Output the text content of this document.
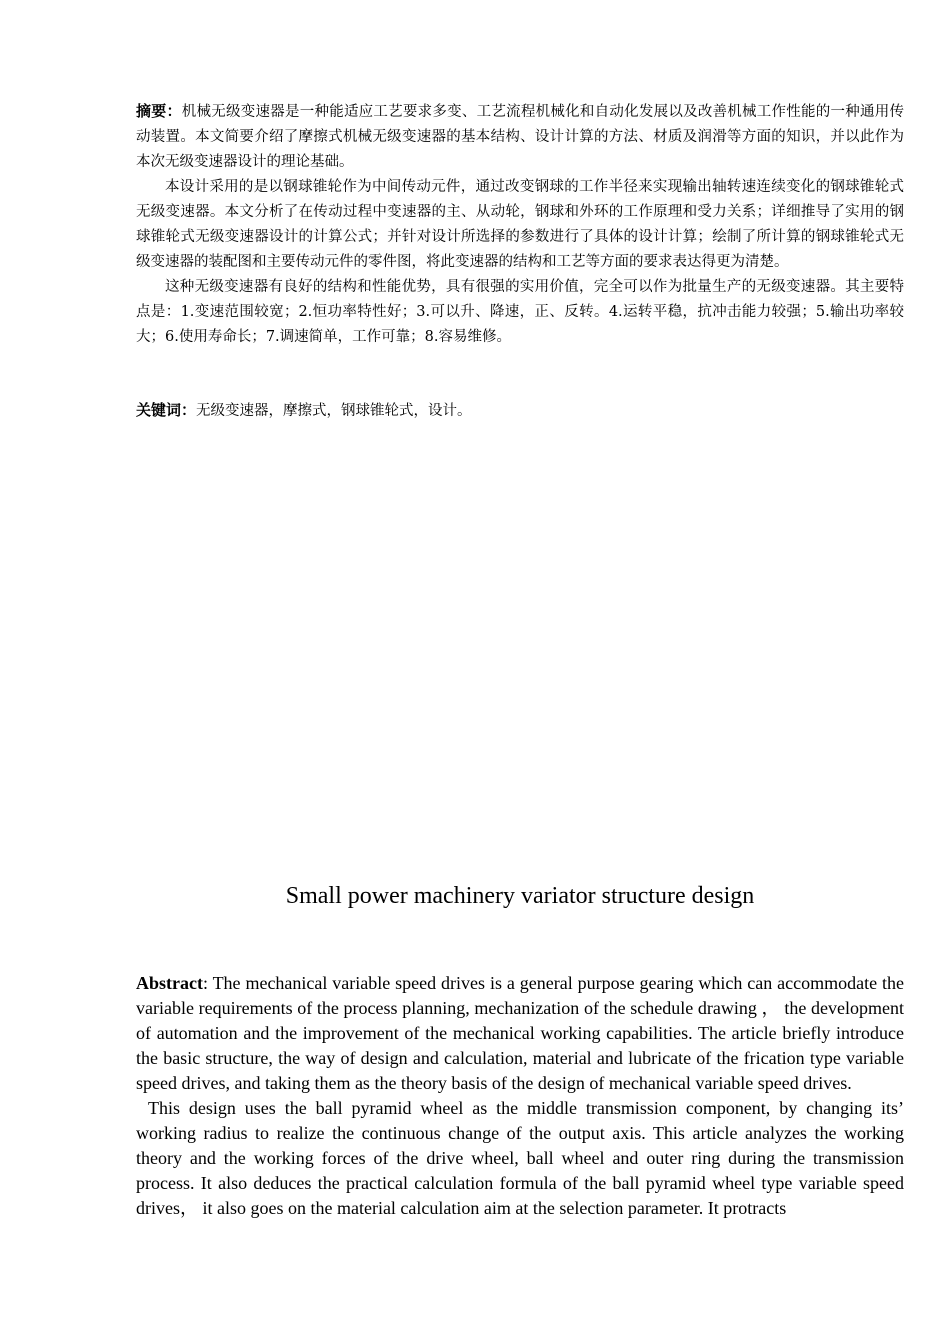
摘要：机械无级变速器是一种能适应工艺要求多变、工艺流程机械化和自动化发展以及改善机械工作性能的一种通用传动装置。本文简要介绍了摩擦式机械无级变速器的基本结构、设计计算的方法、材质及润滑等方面的知识，并以此作为本次无级变速器设计的理论基础。

本设计采用的是以钢球锥轮作为中间传动元件，通过改变钢球的工作半径来实现输出轴转速连续变化的钢球锥轮式无级变速器。本文分析了在传动过程中变速器的主、从动轮，钢球和外环的工作原理和受力关系；详细推导了实用的钢球锥轮式无级变速器设计的计算公式；并针对设计所选择的参数进行了具体的设计计算；绘制了所计算的钢球锥轮式无级变速器的装配图和主要传动元件的零件图，将此变速器的结构和工艺等方面的要求表达得更为清楚。

这种无级变速器有良好的结构和性能优势，具有很强的实用价值，完全可以作为批量生产的无级变速器。其主要特点是：1.变速范围较宽；2.恒功率特性好；3.可以升、降速，正、反转。4.运转平稳，抗冲击能力较强；5.输出功率较大；6.使用寿命长；7.调速简单，工作可靠；8.容易维修。

关键词：无级变速器，摩擦式，钢球锥轮式，设计。
Small power machinery variator structure design

Abstract: The mechanical variable speed drives is a general purpose gearing which can accommodate the variable requirements of the process planning, mechanization of the schedule drawing ， the development of automation and the improvement of the mechanical working capabilities. The article briefly introduce the basic structure, the way of design and calculation, material and lubricate of the frication type variable speed drives, and taking them as the theory basis of the design of mechanical variable speed drives.

This design uses the ball pyramid wheel as the middle transmission component, by changing its’ working radius to realize the continuous change of the output axis. This article analyzes the working theory and the working forces of the drive wheel, ball wheel and outer ring during the transmission process. It also deduces the practical calculation formula of the ball pyramid wheel type variable speed drives， it also goes on the material calculation aim at the selection parameter. It protracts
